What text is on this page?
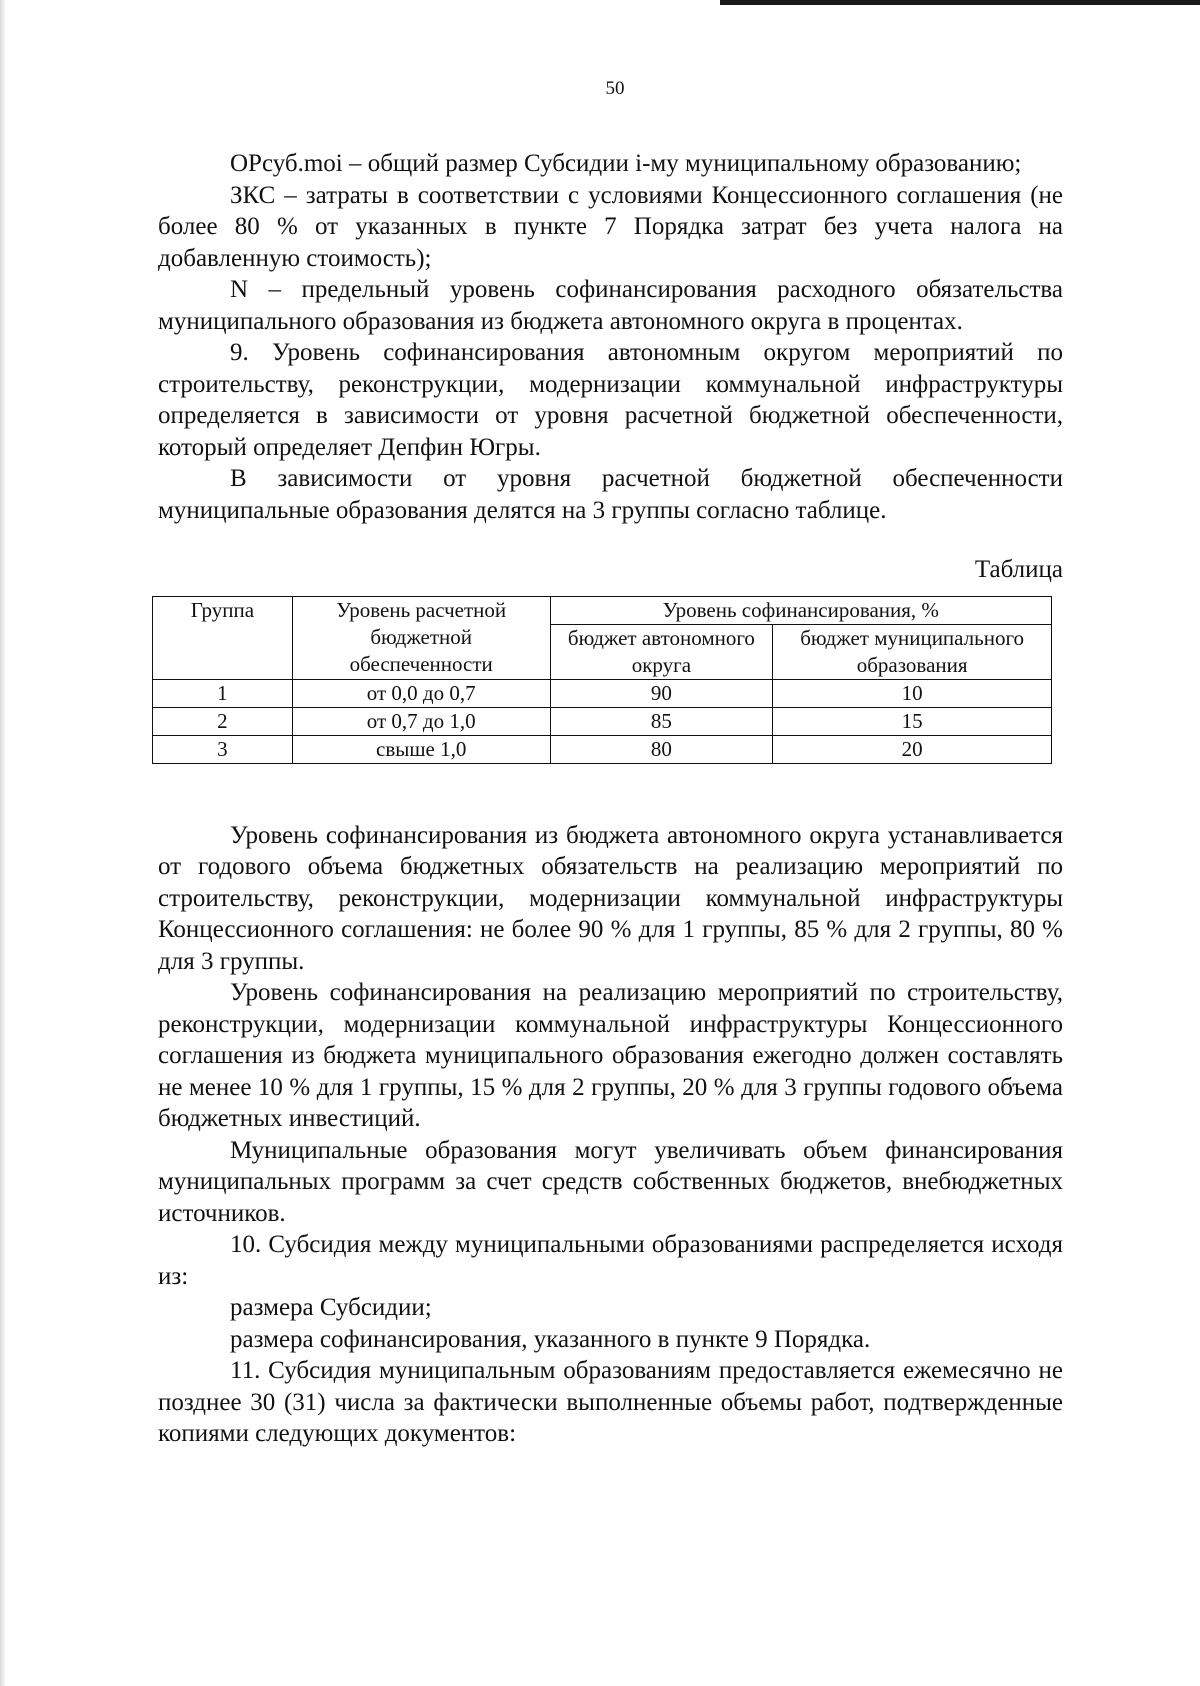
50

ОРсуб.moi – общий размер Субсидии i-му муниципальному образованию;

ЗКС – затраты в соответствии с условиями Концессионного соглашения (не более 80 % от указанных в пункте 7 Порядка затрат без учета налога на добавленную стоимость);

N – предельный уровень софинансирования расходного обязательства муниципального образования из бюджета автономного округа в процентах.

9. Уровень софинансирования автономным округом мероприятий по строительству, реконструкции, модернизации коммунальной инфраструктуры определяется в зависимости от уровня расчетной бюджетной обеспеченности, который определяет Депфин Югры.

В зависимости от уровня расчетной бюджетной обеспеченности муниципальные образования делятся на 3 группы согласно таблице.

Таблица
Группа	Уровень расчетной бюджетной обеспеченности	Уровень софинансирования, %	
		бюджет автономного округа	бюджет муниципального образования
1	от 0,0 до 0,7	90	10
2	от 0,7 до 1,0	85	15
3	свыше 1,0	80	20

Уровень софинансирования из бюджета автономного округа устанавливается от годового объема бюджетных обязательств на реализацию мероприятий по строительству, реконструкции, модернизации коммунальной инфраструктуры Концессионного соглашения: не более 90 % для 1 группы, 85 % для 2 группы, 80 % для 3 группы.

Уровень софинансирования на реализацию мероприятий по строительству, реконструкции, модернизации коммунальной инфраструктуры Концессионного соглашения из бюджета муниципального образования ежегодно должен составлять не менее 10 % для 1 группы, 15 % для 2 группы, 20 % для 3 группы годового объема бюджетных инвестиций.

Муниципальные образования могут увеличивать объем финансирования муниципальных программ за счет средств собственных бюджетов, внебюджетных источников.

10. Субсидия между муниципальными образованиями распределяется исходя из:

размера Субсидии;

размера софинансирования, указанного в пункте 9 Порядка.

11. Субсидия муниципальным образованиям предоставляется ежемесячно не позднее 30 (31) числа за фактически выполненные объемы работ, подтвержденные копиями следующих документов:
